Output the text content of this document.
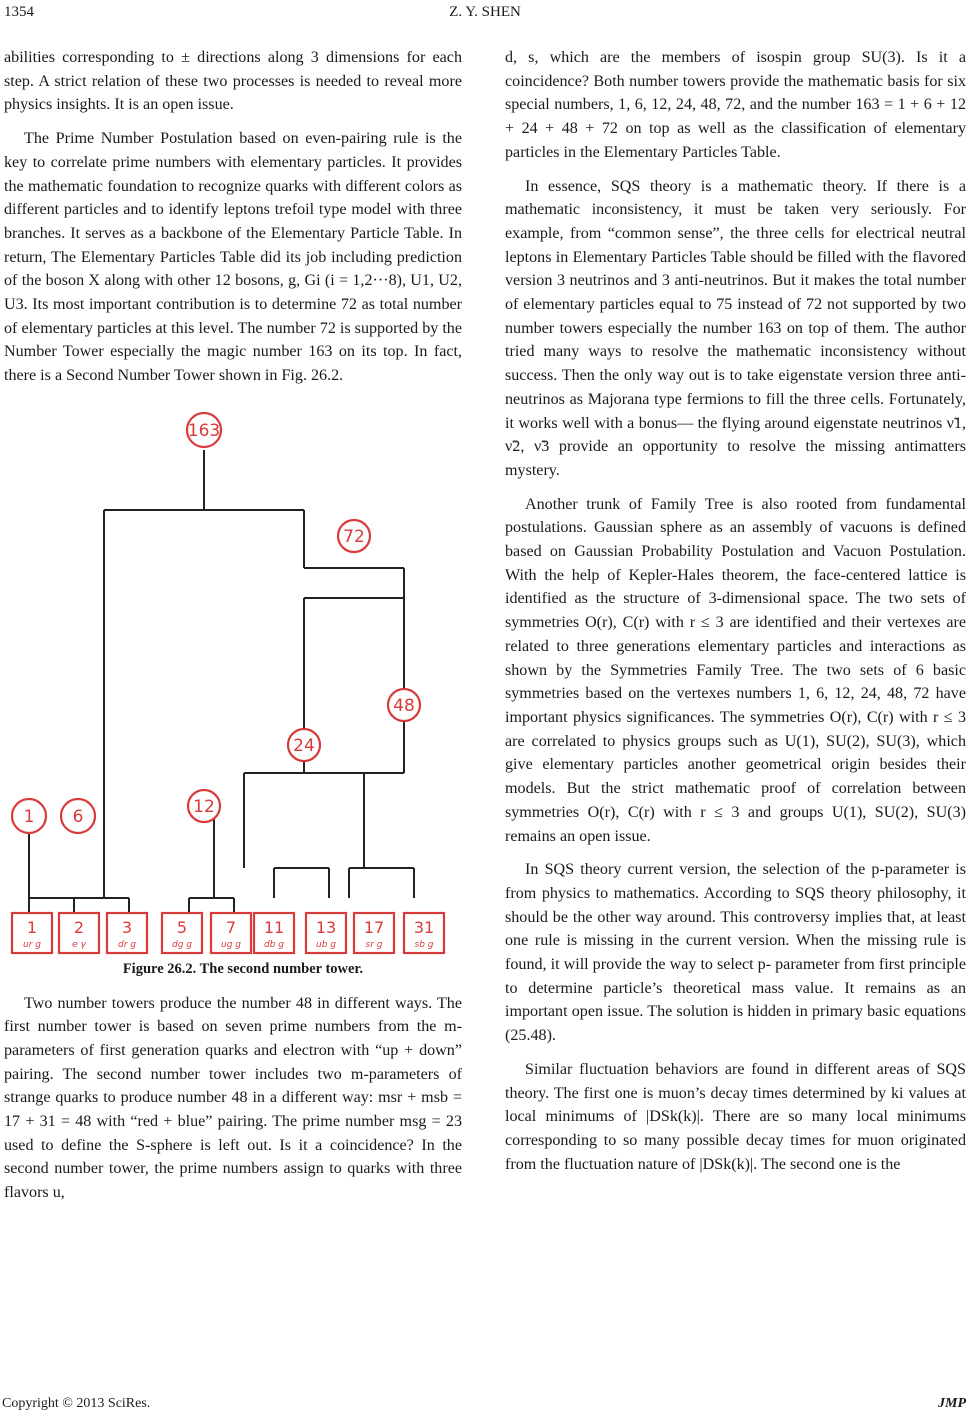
1354	Z. Y. SHEN

abilities corresponding to ± directions along 3 dimensions for each step. A strict relation of these two processes is needed to reveal more physics insights. It is an open issue.

The Prime Number Postulation based on even-pairing rule is the key to correlate prime numbers with elementary particles. It provides the mathematic foundation to recognize quarks with different colors as different particles and to identify leptons trefoil type model with three branches. It serves as a backbone of the Elementary Particle Table. In return, The Elementary Particles Table did its job including prediction of the boson X along with other 12 bosons, g, Gi (i = 1,2···8), U1, U2, U3. Its most important contribution is to determine 72 as total number of elementary particles at this level. The number 72 is supported by the Number Tower especially the magic number 163 on its top. In fact, there is a Second Number Tower shown in Fig. 26.2.

163
72
48
24
12
1 6
1
ur g
2
e γ
3
dr g
5
dg g
7
ug g
11
db g
13
ub g
17
sr g
31
sb g

Figure 26.2. The second number tower.

Two number towers produce the number 48 in different ways. The first number tower is based on seven prime numbers from the m-parameters of first generation quarks and electron with “up + down” pairing. The second number tower includes two m-parameters of strange quarks to produce number 48 in a different way: msr + msb = 17 + 31 = 48 with “red + blue” pairing. The prime number msg = 23 used to define the S-sphere is left out. Is it a coincidence? In the second number tower, the prime numbers assign to quarks with three flavors u,

d, s, which are the members of isospin group SU(3). Is it a coincidence? Both number towers provide the mathematic basis for six special numbers, 1, 6, 12, 24, 48, 72, and the number 163 = 1 + 6 + 12 + 24 + 48 + 72 on top as well as the classification of elementary particles in the Elementary Particles Table.

In essence, SQS theory is a mathematic theory. If there is a mathematic inconsistency, it must be taken very seriously. For example, from “common sense”, the three cells for electrical neutral leptons in Elementary Particles Table should be filled with the flavored version 3 neutrinos and 3 anti-neutrinos. But it makes the total number of elementary particles equal to 75 instead of 72 not supported by two number towers especially the number 163 on top of them. The author tried many ways to resolve the mathematic inconsistency without success. Then the only way out is to take eigenstate version three anti-neutrinos as Majorana type fermions to fill the three cells. Fortunately, it works well with a bonus— the flying around eigenstate neutrinos ν̃1, ν̃2, ν̃3 provide an opportunity to resolve the missing antimatters mystery.

Another trunk of Family Tree is also rooted from fundamental postulations. Gaussian sphere as an assembly of vacuons is defined based on Gaussian Probability Postulation and Vacuon Postulation. With the help of Kepler-Hales theorem, the face-centered lattice is identified as the structure of 3-dimensional space. The two sets of symmetries O(r), C(r) with r ≤ 3 are identified and their vertexes are related to three generations elementary particles and interactions as shown by the Symmetries Family Tree. The two sets of 6 basic symmetries based on the vertexes numbers 1, 6, 12, 24, 48, 72 have important physics significances. The symmetries O(r), C(r) with r ≤ 3 are correlated to physics groups such as U(1), SU(2), SU(3), which give elementary particles another geometrical origin besides their models. But the strict mathematic proof of correlation between symmetries O(r), C(r) with r ≤ 3 and groups U(1), SU(2), SU(3) remains an open issue.

In SQS theory current version, the selection of the p-parameter is from physics to mathematics. According to SQS theory philosophy, it should be the other way around. This controversy implies that, at least one rule is missing in the current version. When the missing rule is found, it will provide the way to select p- parameter from first principle to determine particle’s theoretical mass value. It remains as an important open issue. The solution is hidden in primary basic equations (25.48).

Similar fluctuation behaviors are found in different areas of SQS theory. The first one is muon’s decay times determined by ki values at local minimums of |DSk(k)|. There are so many local minimums corresponding to so many possible decay times for muon originated from the fluctuation nature of |DSk(k)|. The second one is the

Copyright © 2013 SciRes.	JMP
